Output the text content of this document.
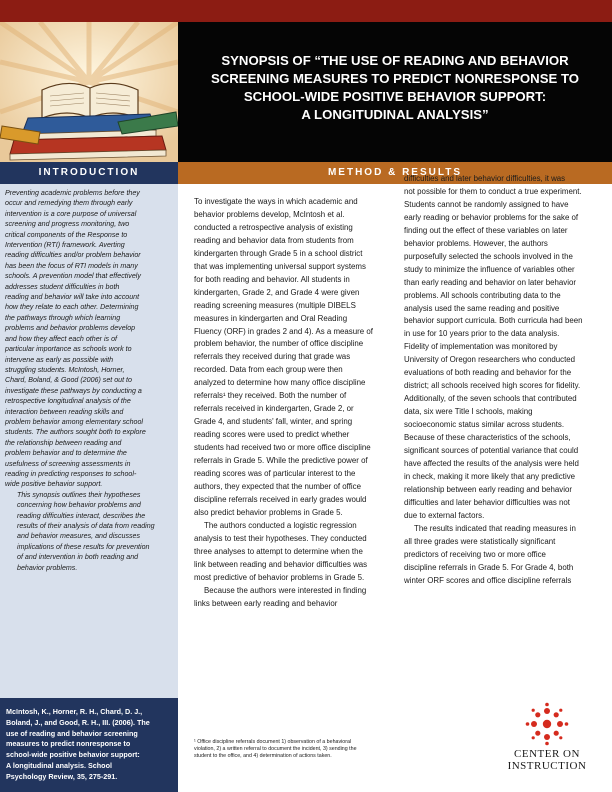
SYNOPSIS OF “THE USE OF READING AND BEHAVIOR
SCREENING MEASURES TO PREDICT NONRESPONSE TO
SCHOOL-WIDE POSITIVE BEHAVIOR SUPPORT:
A LONGITUDINAL ANALYSIS”
INTRODUCTION	METHOD & RESULTS

Preventing academic problems before they
occur and remedying them through early
intervention is a core purpose of universal
screening and progress monitoring, two
critical components of the Response to
Intervention (RTI) framework. Averting
reading difficulties and/or problem behavior
has been the focus of RTI models in many
schools. A prevention model that effectively
addresses student difficulties in both
reading and behavior will take into account
how they relate to each other. Determining
the pathways through which learning
problems and behavior problems develop
and how they affect each other is of
particular importance as schools work to
intervene as early as possible with
struggling students. McIntosh, Horner,
Chard, Boland, & Good (2006) set out to
investigate these pathways by conducting a
retrospective longitudinal analysis of the
interaction between reading skills and
problem behavior among elementary school
students. The authors sought both to explore
the relationship between reading and
problem behavior and to determine the
usefulness of screening assessments in
reading in predicting responses to school-
wide positive behavior support.

This synopsis outlines their hypotheses
concerning how behavior problems and
reading difficulties interact, describes the
results of their analysis of data from reading
and behavior measures, and discusses
implications of these results for prevention
of and intervention in both reading and
behavior problems.

McIntosh, K., Horner, R. H., Chard, D. J.,
Boland, J., and Good, R. H., III. (2006). The
use of reading and behavior screening
measures to predict nonresponse to
school-wide positive behavior support:
A longitudinal analysis. School
Psychology Review, 35, 275-291.
To investigate the ways in which academic and
behavior problems develop, McIntosh et al.
conducted a retrospective analysis of existing
reading and behavior data from students from
kindergarten through Grade 5 in a school district
that was implementing universal support systems
for both reading and behavior. All students in
kindergarten, Grade 2, and Grade 4 were given
reading screening measures (multiple DIBELS
measures in kindergarten and Oral Reading
Fluency (ORF) in grades 2 and 4). As a measure of
problem behavior, the number of office discipline
referrals they received during that grade was
recorded. Data from each group were then
analyzed to determine how many office discipline
referrals¹ they received. Both the number of
referrals received in kindergarten, Grade 2, or
Grade 4, and students' fall, winter, and spring
reading scores were used to predict whether
students had received two or more office discipline
referrals in Grade 5. While the predictive power of
reading scores was of particular interest to the
authors, they expected that the number of office
discipline referrals received in early grades would
also predict behavior problems in Grade 5.
The authors conducted a logistic regression
analysis to test their hypotheses. They conducted
three analyses to attempt to determine when the
link between reading and behavior difficulties was
most predictive of behavior problems in Grade 5.
Because the authors were interested in finding
links between early reading and behavior
difficulties and later behavior difficulties, it was
not possible for them to conduct a true experiment.
Students cannot be randomly assigned to have
early reading or behavior problems for the sake of
finding out the effect of these variables on later
behavior problems. However, the authors
purposefully selected the schools involved in the
study to minimize the influence of variables other
than early reading and behavior on later behavior
problems. All schools contributing data to the
analysis used the same reading and positive
behavior support curricula. Both curricula had been
in use for 10 years prior to the data analysis.
Fidelity of implementation was monitored by
University of Oregon researchers who conducted
evaluations of both reading and behavior for the
district; all schools received high scores for fidelity.
Additionally, of the seven schools that contributed
data, six were Title I schools, making
socioeconomic status similar across students.
Because of these characteristics of the schools,
significant sources of potential variance that could
have affected the results of the analysis were held
in check, making it more likely that any predictive
relationship between early reading and behavior
difficulties and later behavior difficulties was not
due to external factors.
The results indicated that reading measures in
all three grades were statistically significant
predictors of receiving two or more office
discipline referrals in Grade 5. For Grade 4, both
winter ORF scores and office discipline referrals
¹ Office discipline referrals document 1) observation of a behavioral
violation, 2) a written referral to document the incident, 3) sending the
student to the office, and 4) determination of actions taken.	CENTER ON
INSTRUCTION
